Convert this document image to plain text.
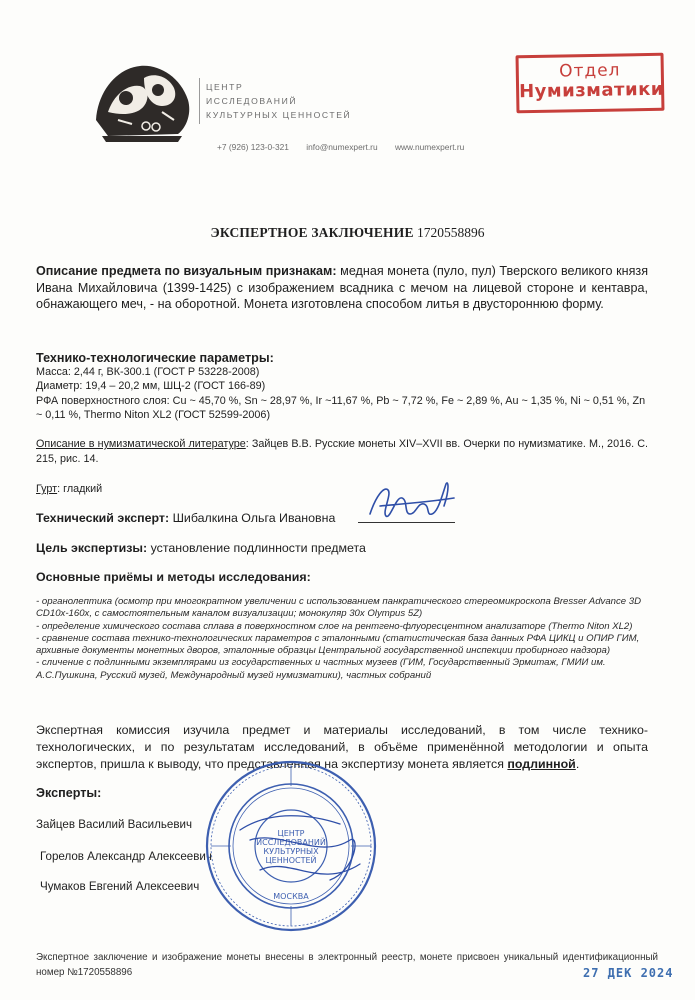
ЦЕНТР
ИССЛЕДОВАНИЙ
КУЛЬТУРНЫХ ЦЕННОСТЕЙ
+7 (926) 123-0-321 info@numexpert.ru www.numexpert.ru
Отдел
Нумизматики
ЭКСПЕРТНОЕ ЗАКЛЮЧЕНИЕ 1720558896
Описание предмета по визуальным признакам: медная монета (пуло, пул) Тверского великого князя Ивана Михайловича (1399-1425) с изображением всадника с мечом на лицевой стороне и кентавра, обнажающего меч, - на оборотной. Монета изготовлена способом литья в двустороннюю форму.
Технико-технологические параметры:
Масса: 2,44 г, ВК-300.1 (ГОСТ Р 53228-2008)
Диаметр: 19,4 – 20,2 мм, ШЦ-2 (ГОСТ 166-89)
РФА поверхностного слоя: Cu ~ 45,70 %, Sn ~ 28,97 %, Ir ~11,67 %, Pb ~ 7,72 %, Fe ~ 2,89 %, Au ~ 1,35 %, Ni ~ 0,51 %, Zn ~ 0,11 %, Thermo Niton XL2 (ГОСТ 52599-2006)
Описание в нумизматической литературе: Зайцев В.В. Русские монеты XIV–XVII вв. Очерки по нумизматике. М., 2016. С. 215, рис. 14.
Гурт: гладкий
Технический эксперт: Шибалкина Ольга Ивановна
Цель экспертизы: установление подлинности предмета
Основные приёмы и методы исследования:
- органолептика (осмотр при многократном увеличении с использованием панкратического стереомикроскопа Bresser Advance 3D CD10x-160x, с самостоятельным каналом визуализации; монокуляр 30x Olympus 5Z)
- определение химического состава сплава в поверхностном слое на рентгено-флуоресцентном анализаторе (Thermo Niton XL2)
- сравнение состава технико-технологических параметров с эталонными (статистическая база данных РФА ЦИКЦ и ОПИР ГИМ, архивные документы монетных дворов, эталонные образцы Центральной государственной инспекции пробирного надзора)
- сличение с подлинными экземплярами из государственных и частных музеев (ГИМ, Государственный Эрмитаж, ГМИИ им. А.С.Пушкина, Русский музей, Международный музей нумизматики), частных собраний
Экспертная комиссия изучила предмет и материалы исследований, в том числе технико-технологических, и по результатам исследований, в объёме применённой методологии и опыта экспертов, пришла к выводу, что представленная на экспертизу монета является подлинной.
Эксперты:
Зайцев Василий Васильевич
Горелов Александр Алексеевич
Чумаков Евгений Алексеевич
ЦЕНТР
ИССЛЕДОВАНИЙ
КУЛЬТУРНЫХ
ЦЕННОСТЕЙ
МОСКВА
Экспертное заключение и изображение монеты внесены в электронный реестр, монете присвоен уникальный идентификационный номер №1720558896	27 ДЕК 2024
